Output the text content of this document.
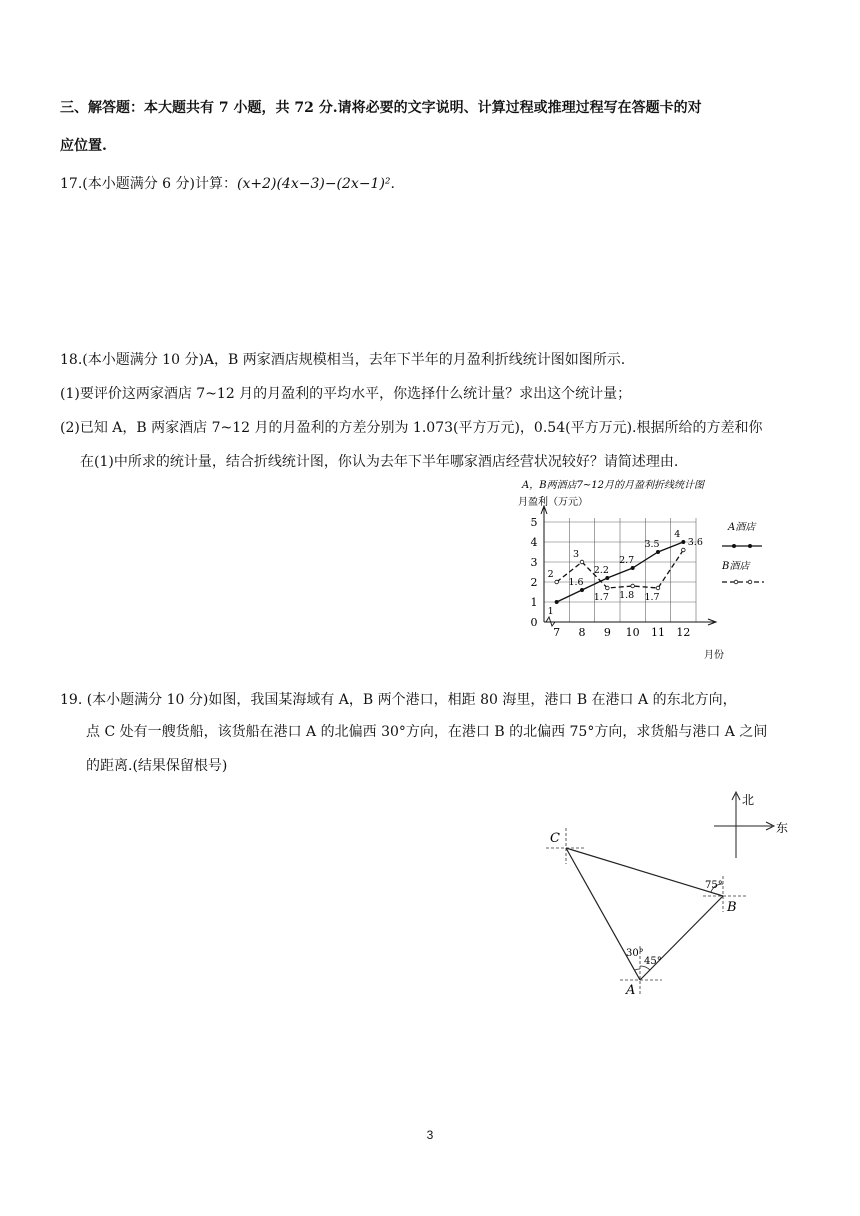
三、解答题：本大题共有 7 小题，共 72 分.请将必要的文字说明、计算过程或推理过程写在答题卡的对
应位置.
17.(本小题满分 6 分)计算：(x+2)(4x−3)−(2x−1)².
18.(本小题满分 10 分)A，B 两家酒店规模相当，去年下半年的月盈利折线统计图如图所示.
(1)要评价这两家酒店 7~12 月的月盈利的平均水平，你选择什么统计量？求出这个统计量；
(2)已知 A，B 两家酒店 7~12 月的月盈利的方差分别为 1.073(平方万元)，0.54(平方万元).根据所给的方差和你
在(1)中所求的统计量，结合折线统计图，你认为去年下半年哪家酒店经营状况较好？请简述理由.
A，B两酒店7~12月的月盈利折线统计图
月盈利（万元）
月份
A酒店
B酒店
0
1
2
3
4
5
7 8 9 10 11 12
1
1.6
2.2
2.7
3.5
4
2
3
1.7 1.8 1.7
3.6
19. (本小题满分 10 分)如图，我国某海域有 A，B 两个港口，相距 80 海里，港口 B 在港口 A 的东北方向，
点 C 处有一艘货船，该货船在港口 A 的北偏西 30°方向，在港口 B 的北偏西 75°方向，求货船与港口 A 之间
的距离.(结果保留根号)
北
东
C
B
A
75°
30°
45°
3
